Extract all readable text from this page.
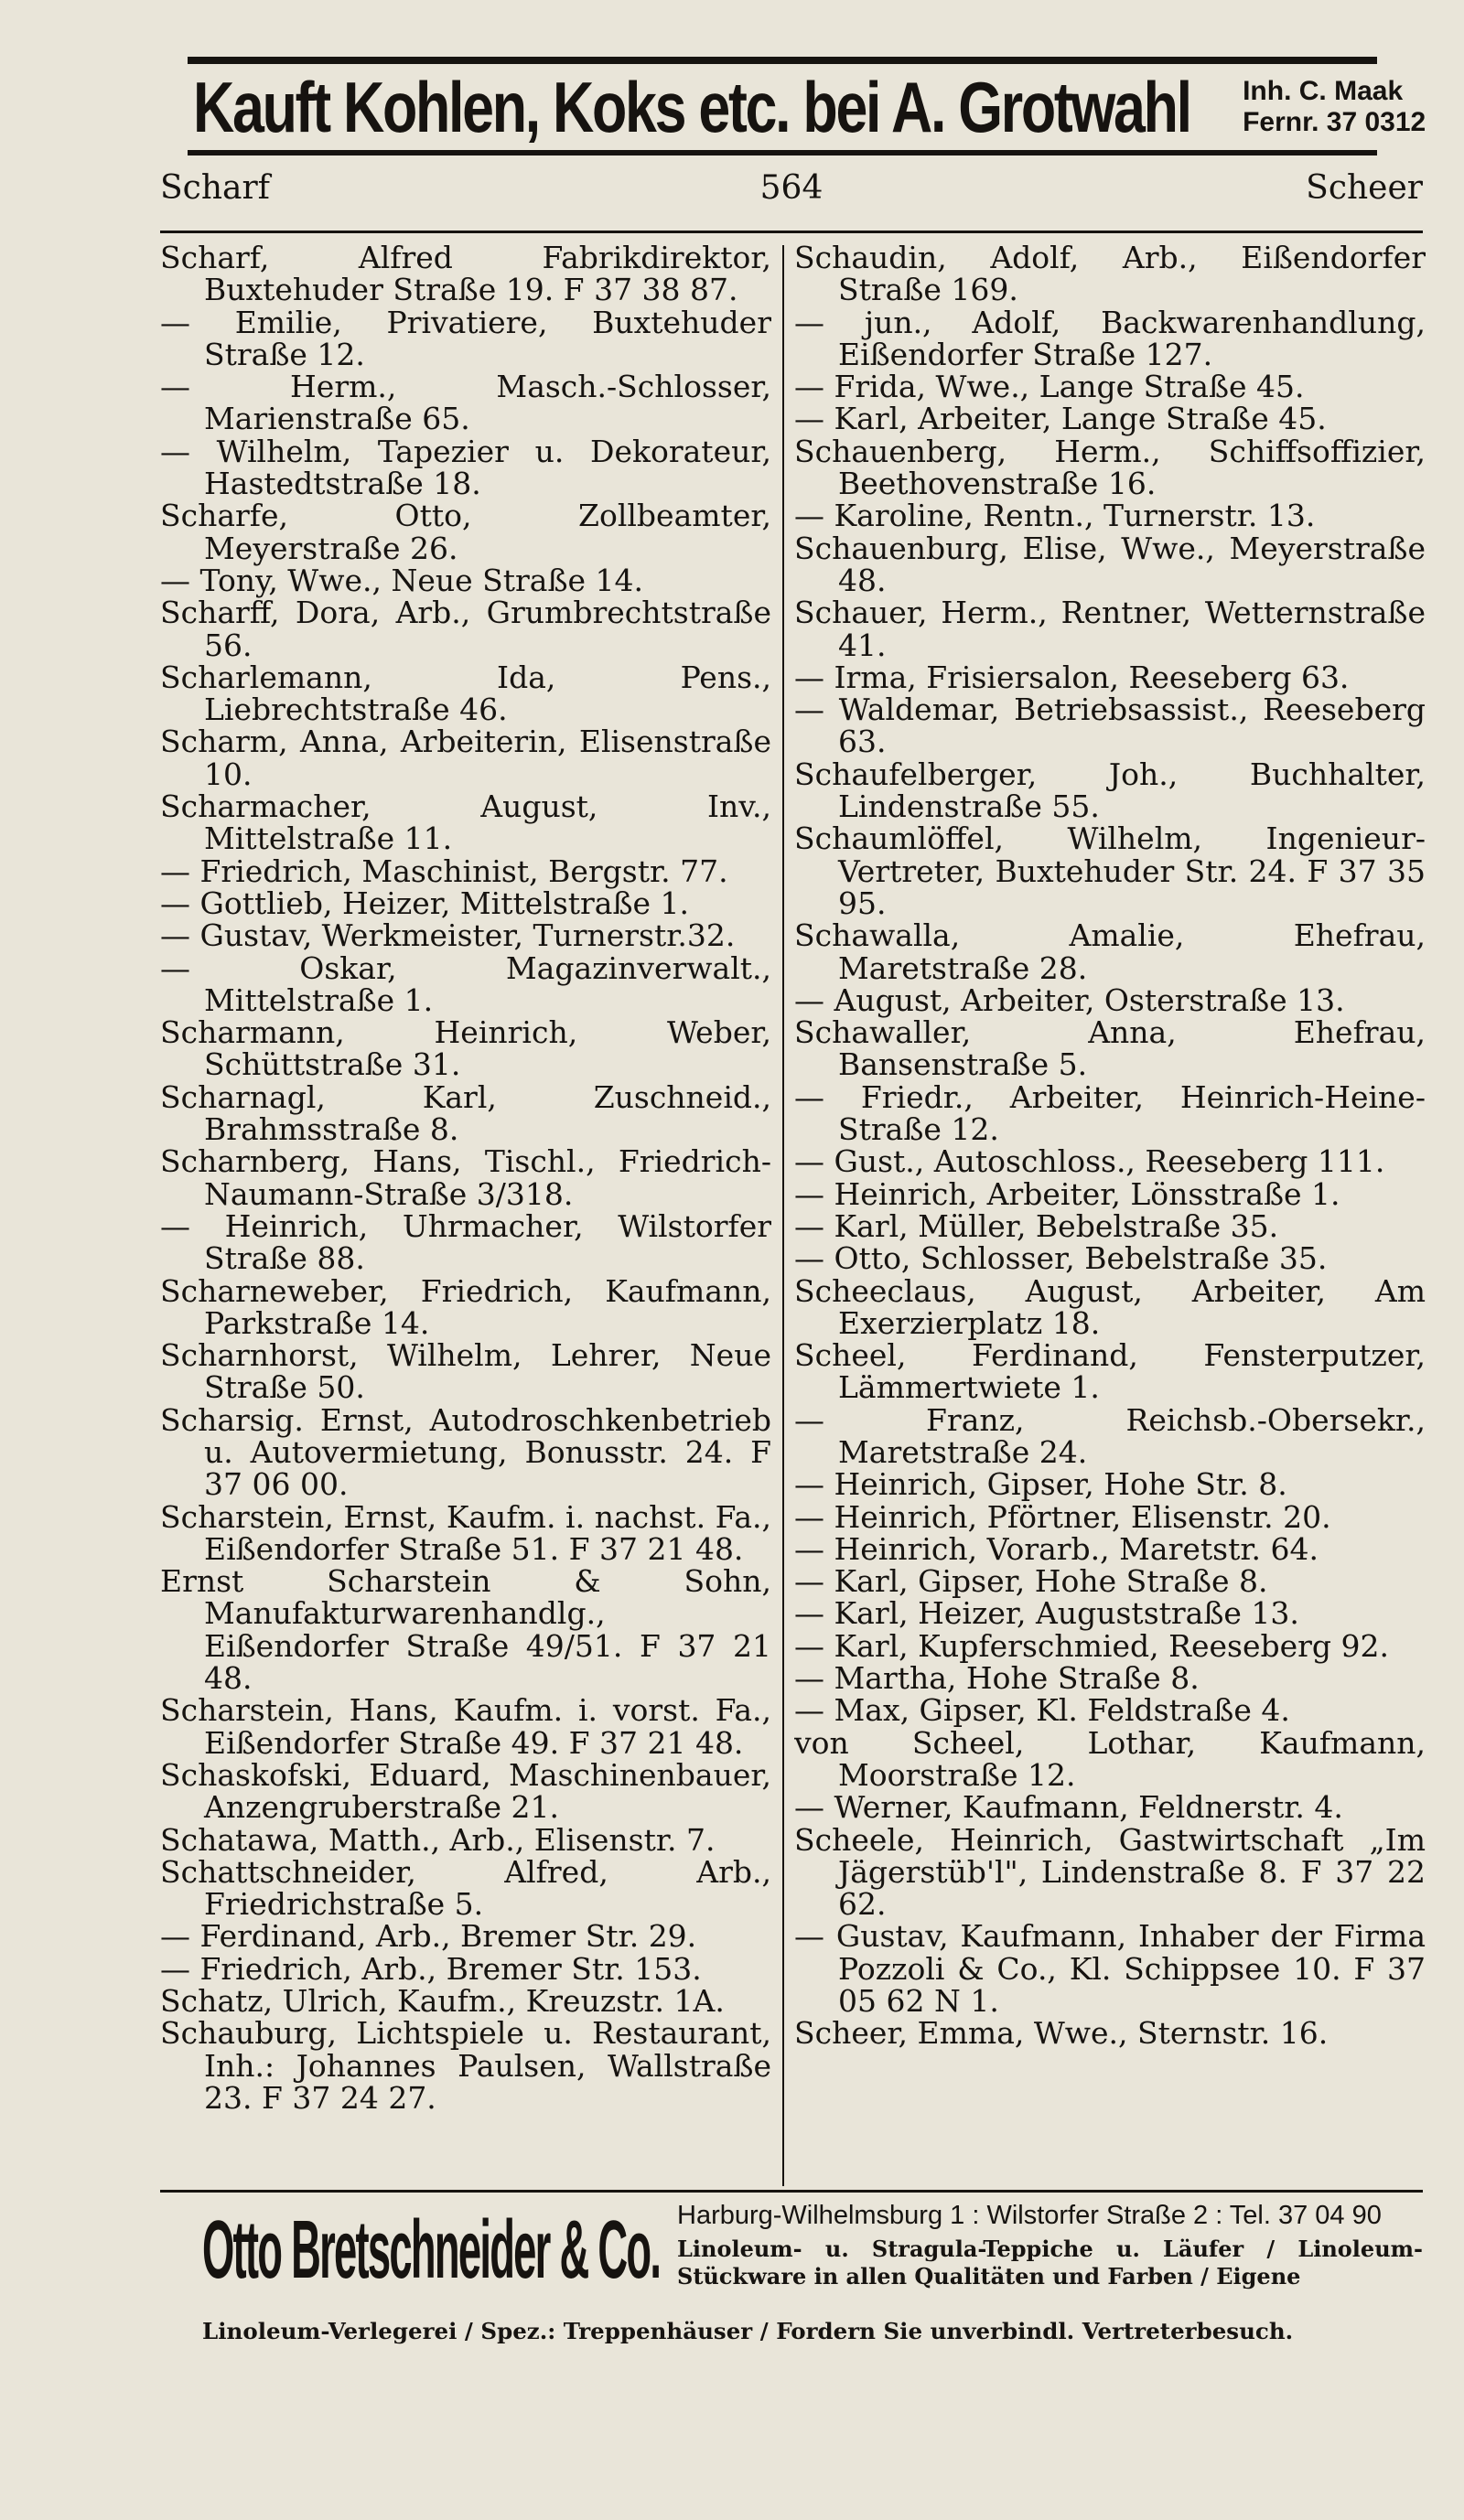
Kauft Kohlen, Koks etc. bei A. Grotwahl Inh. C. Maak
Fernr. 37 0312
Scharf	564	Scheer

Scharf, Alfred Fabrikdirektor, Buxtehuder Straße 19. F 37 38 87.

— Emilie, Privatiere, Buxtehuder Straße 12.

— Herm., Masch.-Schlosser, Marienstraße 65.

— Wilhelm, Tapezier u. Dekorateur, Hastedtstraße 18.

Scharfe, Otto, Zollbeamter, Meyerstraße 26.

— Tony, Wwe., Neue Straße 14.

Scharff, Dora, Arb., Grumbrechtstraße 56.

Scharlemann, Ida, Pens., Liebrechtstraße 46.

Scharm, Anna, Arbeiterin, Elisenstraße 10.

Scharmacher, August, Inv., Mittelstraße 11.

— Friedrich, Maschinist, Bergstr. 77.

— Gottlieb, Heizer, Mittelstraße 1.

— Gustav, Werkmeister, Turnerstr.32.

— Oskar, Magazinverwalt., Mittelstraße 1.

Scharmann, Heinrich, Weber, Schüttstraße 31.

Scharnagl, Karl, Zuschneid., Brahmsstraße 8.

Scharnberg, Hans, Tischl., Friedrich-Naumann-Straße 3/318.

— Heinrich, Uhrmacher, Wilstorfer Straße 88.

Scharneweber, Friedrich, Kaufmann, Parkstraße 14.

Scharnhorst, Wilhelm, Lehrer, Neue Straße 50.

Scharsig. Ernst, Autodroschkenbetrieb u. Autovermietung, Bonusstr. 24. F 37 06 00.

Scharstein, Ernst, Kaufm. i. nachst. Fa., Eißendorfer Straße 51. F 37 21 48.

Ernst Scharstein & Sohn, Manufakturwarenhandlg., Eißendorfer Straße 49/51. F 37 21 48.

Scharstein, Hans, Kaufm. i. vorst. Fa., Eißendorfer Straße 49. F 37 21 48.

Schaskofski, Eduard, Maschinenbauer, Anzengruberstraße 21.

Schatawa, Matth., Arb., Elisenstr. 7.

Schattschneider, Alfred, Arb., Friedrichstraße 5.

— Ferdinand, Arb., Bremer Str. 29.

— Friedrich, Arb., Bremer Str. 153.

Schatz, Ulrich, Kaufm., Kreuzstr. 1A.

Schauburg, Lichtspiele u. Restaurant, Inh.: Johannes Paulsen, Wallstraße 23. F 37 24 27.

Schaudin, Adolf, Arb., Eißendorfer Straße 169.

— jun., Adolf, Backwarenhandlung, Eißendorfer Straße 127.

— Frida, Wwe., Lange Straße 45.

— Karl, Arbeiter, Lange Straße 45.

Schauenberg, Herm., Schiffsoffizier, Beethovenstraße 16.

— Karoline, Rentn., Turnerstr. 13.

Schauenburg, Elise, Wwe., Meyerstraße 48.

Schauer, Herm., Rentner, Wetternstraße 41.

— Irma, Frisiersalon, Reeseberg 63.

— Waldemar, Betriebsassist., Reeseberg 63.

Schaufelberger, Joh., Buchhalter, Lindenstraße 55.

Schaumlöffel, Wilhelm, Ingenieur-Vertreter, Buxtehuder Str. 24. F 37 35 95.

Schawalla, Amalie, Ehefrau, Maretstraße 28.

— August, Arbeiter, Osterstraße 13.

Schawaller, Anna, Ehefrau, Bansenstraße 5.

— Friedr., Arbeiter, Heinrich-Heine-Straße 12.

— Gust., Autoschloss., Reeseberg 111.

— Heinrich, Arbeiter, Lönsstraße 1.

— Karl, Müller, Bebelstraße 35.

— Otto, Schlosser, Bebelstraße 35.

Scheeclaus, August, Arbeiter, Am Exerzierplatz 18.

Scheel, Ferdinand, Fensterputzer, Lämmertwiete 1.

— Franz, Reichsb.-Obersekr., Maretstraße 24.

— Heinrich, Gipser, Hohe Str. 8.

— Heinrich, Pförtner, Elisenstr. 20.

— Heinrich, Vorarb., Maretstr. 64.

— Karl, Gipser, Hohe Straße 8.

— Karl, Heizer, Auguststraße 13.

— Karl, Kupferschmied, Reeseberg 92.

— Martha, Hohe Straße 8.

— Max, Gipser, Kl. Feldstraße 4.

von Scheel, Lothar, Kaufmann, Moorstraße 12.

— Werner, Kaufmann, Feldnerstr. 4.

Scheele, Heinrich, Gastwirtschaft „Im Jägerstüb'l", Lindenstraße 8. F 37 22 62.

— Gustav, Kaufmann, Inhaber der Firma Pozzoli & Co., Kl. Schippsee 10. F 37 05 62 N 1.

Scheer, Emma, Wwe., Sternstr. 16.

Otto Bretschneider & Co. Harburg-Wilhelmsburg 1 : Wilstorfer Straße 2 : Tel. 37 04 90
Linoleum- u. Stragula-Teppiche u. Läufer / Linoleum-Stückware in allen Qualitäten und Farben / Eigene
Linoleum-Verlegerei / Spez.: Treppenhäuser / Fordern Sie unverbindl. Vertreterbesuch.
